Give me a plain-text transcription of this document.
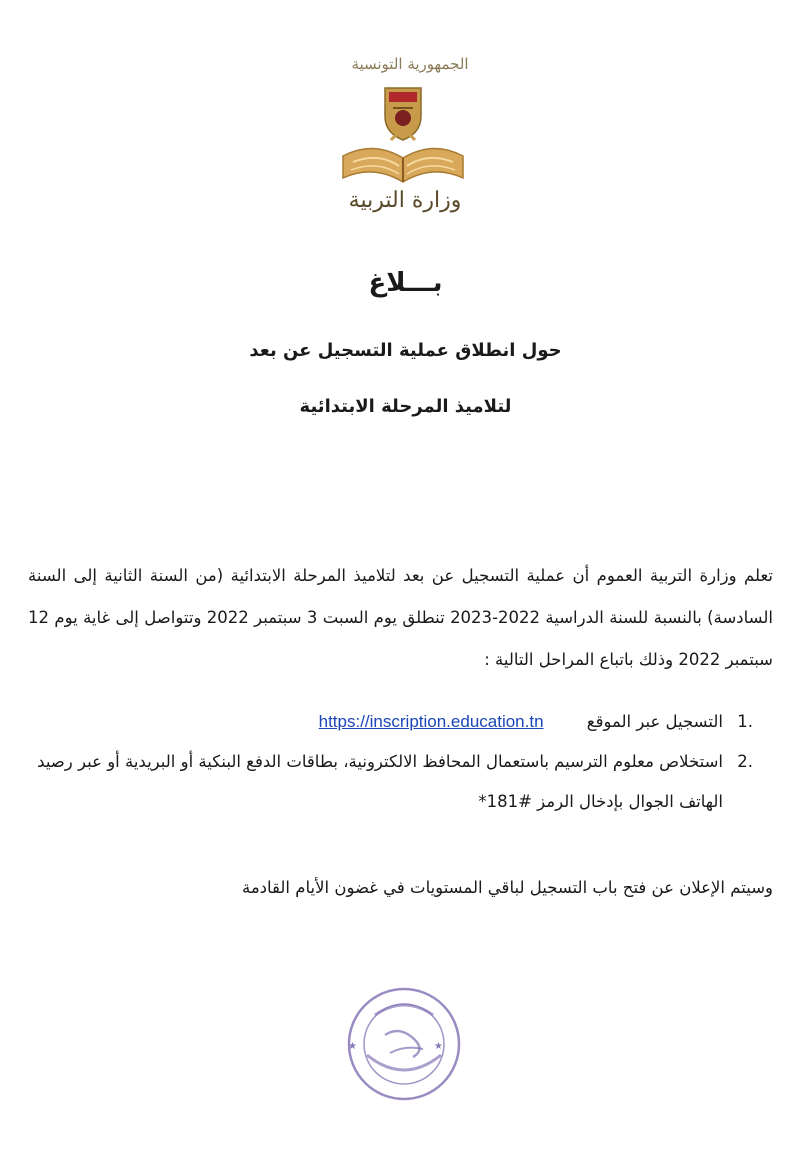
الجمهورية التونسية
وزارة التربية
بـــلاغ
حول انطلاق عملية التسجيل عن بعد
لتلاميذ المرحلة الابتدائية

تعلم وزارة التربية العموم أن عملية التسجيل عن بعد لتلاميذ المرحلة الابتدائية (من السنة الثانية إلى السنة السادسة) بالنسبة للسنة الدراسية 2022-2023 تنطلق يوم السبت 3 سبتمبر 2022 وتتواصل إلى غاية يوم 12 سبتمبر 2022 وذلك باتباع المراحل التالية :

1.
التسجيل عبر الموقع https://inscription.education.tn
2.
استخلاص معلوم الترسيم باستعمال المحافظ الالكترونية، بطاقات الدفع البنكية أو البريدية أو عبر رصيد الهاتف الجوال بإدخال الرمز #181*

وسيتم الإعلان عن فتح باب التسجيل لباقي المستويات في غضون الأيام القادمة

★	★
